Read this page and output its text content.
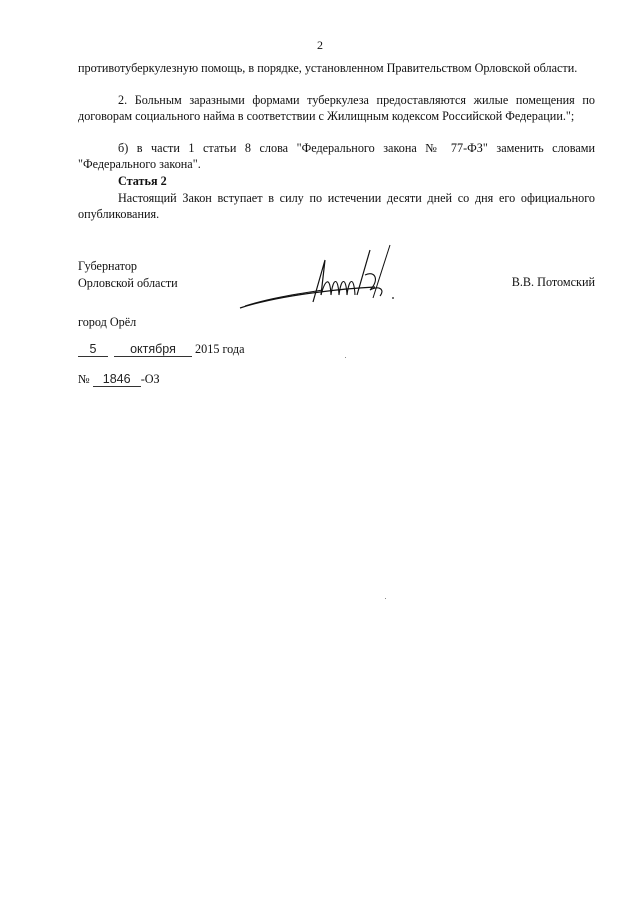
2

противотуберкулезную помощь, в порядке, установленном Правительством Орловской области.

2. Больным заразными формами туберкулеза предоставляются жилые помещения по договорам социального найма в соответствии с Жилищным кодексом Российской Федерации.";

б) в части 1 статьи 8 слова "Федерального закона № 77-ФЗ" заменить словами "Федерального закона".

Статья 2

Настоящий Закон вступает в силу по истечении десяти дней со дня его официального опубликования.

Губернатор
Орловской области	В.В. Потомский
город Орёл
5	октября 2015 года
№ 1846 -ОЗ
